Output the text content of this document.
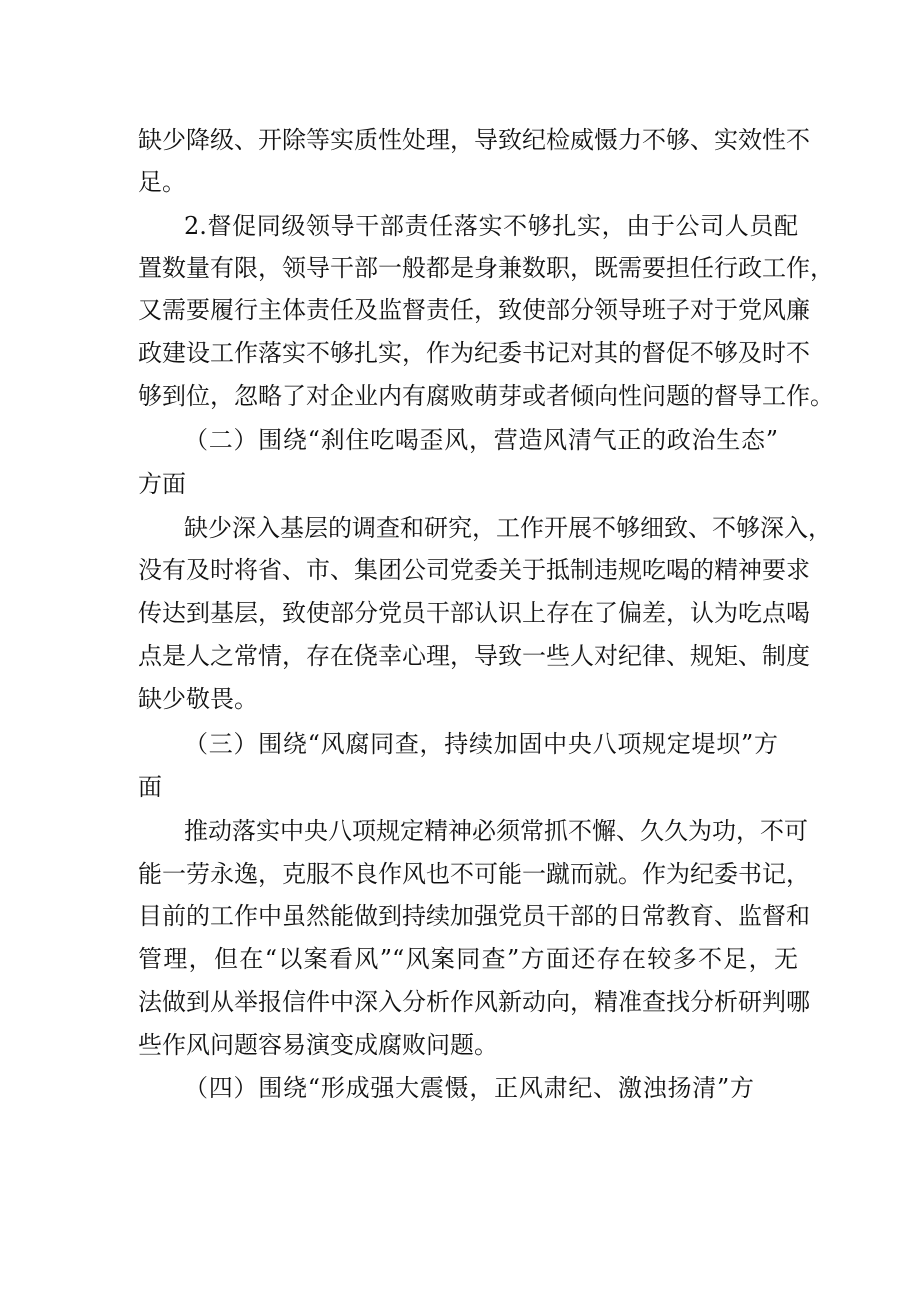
缺少降级、开除等实质性处理，导致纪检威慑力不够、实效性不
足。
2.督促同级领导干部责任落实不够扎实，由于公司人员配
置数量有限，领导干部一般都是身兼数职，既需要担任行政工作，
又需要履行主体责任及监督责任，致使部分领导班子对于党风廉
政建设工作落实不够扎实，作为纪委书记对其的督促不够及时不
够到位，忽略了对企业内有腐败萌芽或者倾向性问题的督导工作。
（二）围绕“刹住吃喝歪风，营造风清气正的政治生态”
方面
缺少深入基层的调查和研究，工作开展不够细致、不够深入，
没有及时将省、市、集团公司党委关于抵制违规吃喝的精神要求
传达到基层，致使部分党员干部认识上存在了偏差，认为吃点喝
点是人之常情，存在侥幸心理，导致一些人对纪律、规矩、制度
缺少敬畏。
（三）围绕“风腐同查，持续加固中央八项规定堤坝”方
面
推动落实中央八项规定精神必须常抓不懈、久久为功，不可
能一劳永逸，克服不良作风也不可能一蹴而就。作为纪委书记，
目前的工作中虽然能做到持续加强党员干部的日常教育、监督和
管理，但在“以案看风”“风案同查”方面还存在较多不足，无
法做到从举报信件中深入分析作风新动向，精准查找分析研判哪
些作风问题容易演变成腐败问题。
（四）围绕“形成强大震慑，正风肃纪、激浊扬清”方
